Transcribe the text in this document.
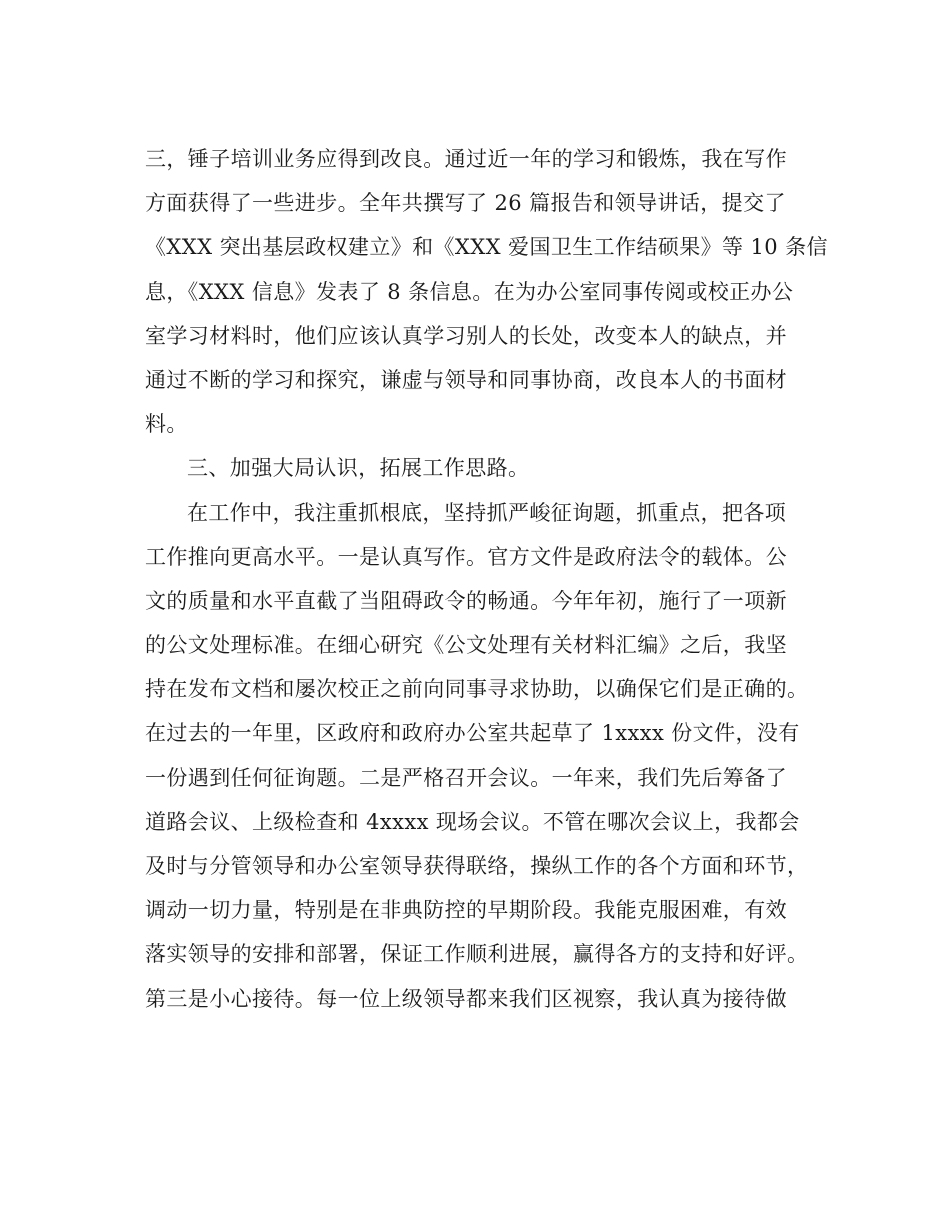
三，锤子培训业务应得到改良。通过近一年的学习和锻炼，我在写作
方面获得了一些进步。全年共撰写了 26 篇报告和领导讲话，提交了
《XXX 突出基层政权建立》和《XXX 爱国卫生工作结硕果》等 10 条信
息，《XXX 信息》发表了 8 条信息。在为办公室同事传阅或校正办公
室学习材料时，他们应该认真学习别人的长处，改变本人的缺点，并
通过不断的学习和探究，谦虚与领导和同事协商，改良本人的书面材
料。
三、加强大局认识，拓展工作思路。
在工作中，我注重抓根底，坚持抓严峻征询题，抓重点，把各项
工作推向更高水平。一是认真写作。官方文件是政府法令的载体。公
文的质量和水平直截了当阻碍政令的畅通。今年年初，施行了一项新
的公文处理标准。在细心研究《公文处理有关材料汇编》之后，我坚
持在发布文档和屡次校正之前向同事寻求协助，以确保它们是正确的。
在过去的一年里，区政府和政府办公室共起草了 1xxxx 份文件，没有
一份遇到任何征询题。二是严格召开会议。一年来，我们先后筹备了
道路会议、上级检查和 4xxxx 现场会议。不管在哪次会议上，我都会
及时与分管领导和办公室领导获得联络，操纵工作的各个方面和环节，
调动一切力量，特别是在非典防控的早期阶段。我能克服困难，有效
落实领导的安排和部署，保证工作顺利进展，赢得各方的支持和好评。
第三是小心接待。每一位上级领导都来我们区视察，我认真为接待做
